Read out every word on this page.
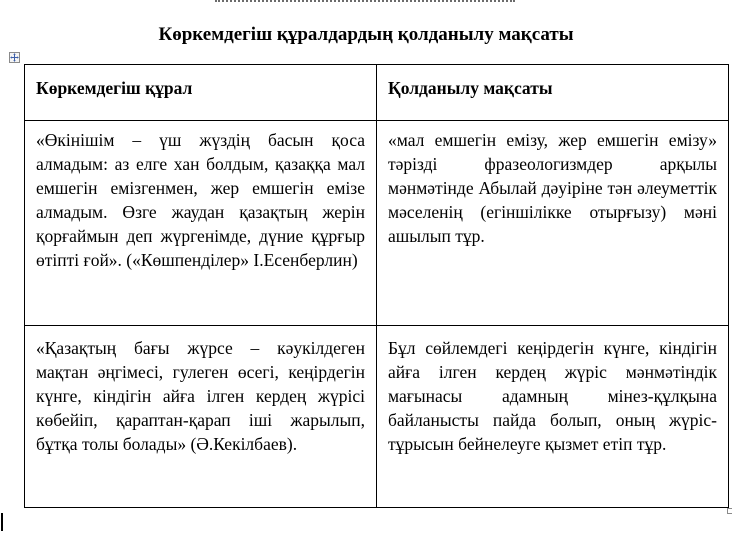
Көркемдегіш құралдардың қолданылу мақсаты
Көркемдегіш құрал	Қолданылу мақсаты

«Өкінішім – үш жүздің басын қоса алмадым: аз елге хан болдым, қазаққа мал емшегін емізгенмен, жер емшегін емізе алмадым. Өзге жаудан қазақтың жерін қорғаймын деп жүргенімде, дүние құрғыр өтіпті ғой». («Көшпенділер» І.Есенберлин)	«мал емшегін емізу, жер емшегін емізу» тәрізді фразеологизмдер арқылы мәнмәтінде Абылай дәуіріне тән әлеуметтік мәселенің (егіншілікке отырғызу) мәні ашылып тұр.

«Қазақтың бағы жүрсе – кәукілдеген мақтан әңгімесі, гулеген өсегі, кеңірдегін күнге, кіндігін айға ілген кердең жүрісі көбейіп, қараптан-қарап іші жарылып, бұтқа толы болады» (Ә.Кекілбаев).	Бұл сөйлемдегі кеңірдегін күнге, кіндігін айға ілген кердең жүріс мәнмәтіндік мағынасы адамның мінез-құлқына байланысты пайда болып, оның жүріс-тұрысын бейнелеуге қызмет етіп тұр.
